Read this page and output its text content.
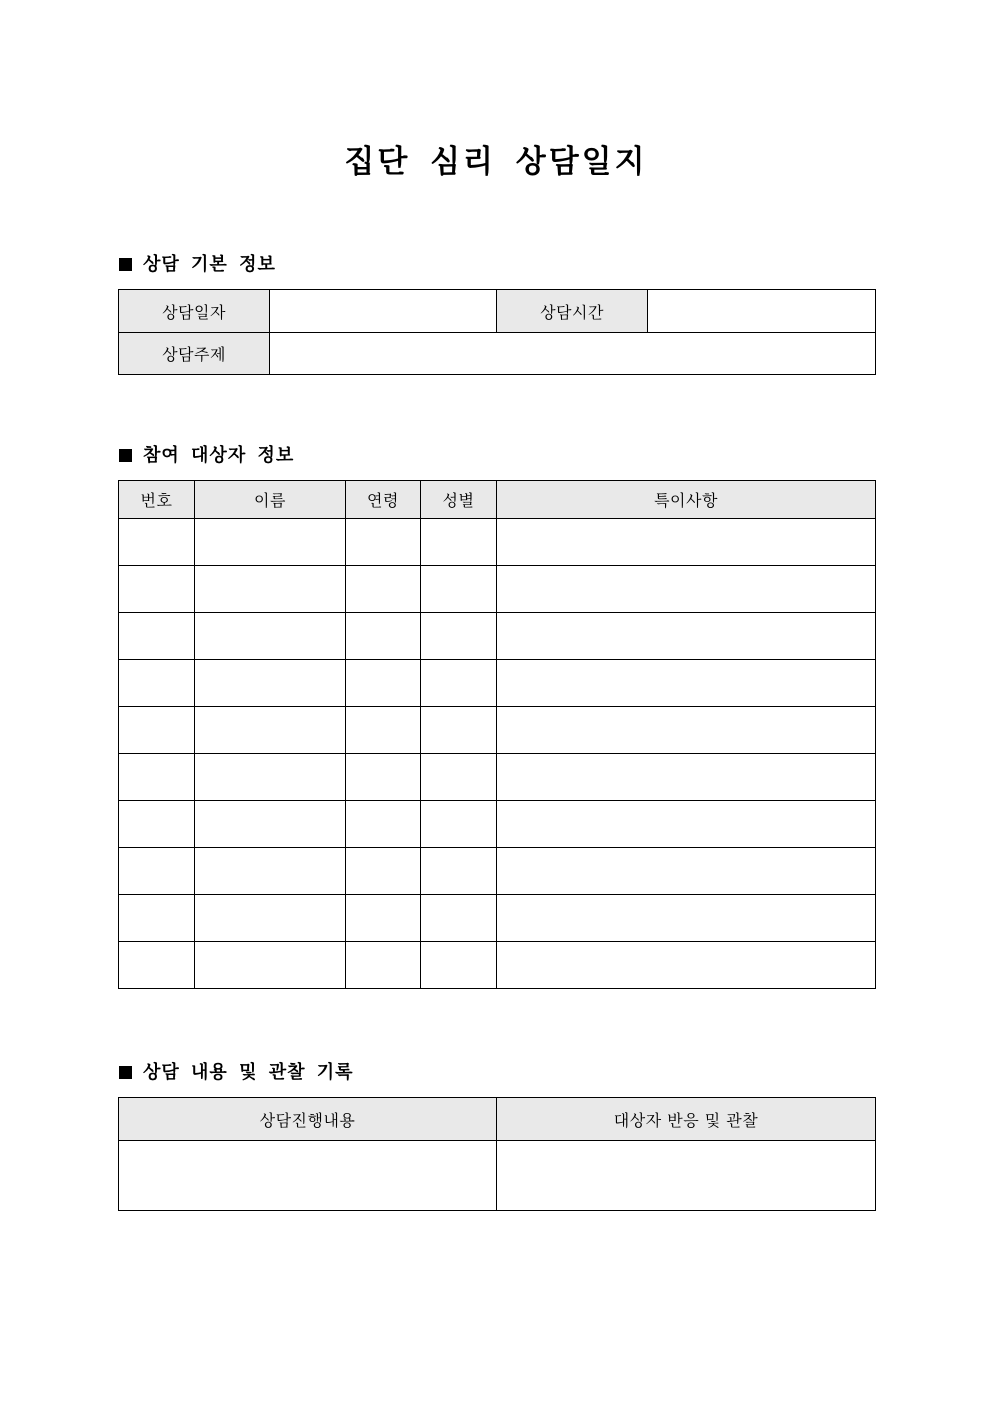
집단 심리 상담일지
상담 기본 정보
상담일자		상담시간	
상담주제			
참여 대상자 정보
번호	이름	연령	성별	특이사항

상담 내용 및 관찰 기록
상담진행내용	대상자 반응 및 관찰
